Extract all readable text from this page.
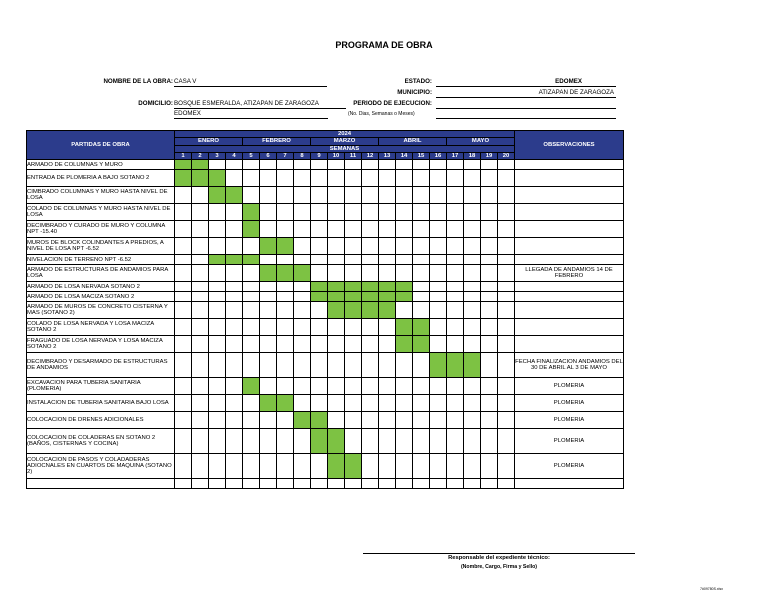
PROGRAMA DE OBRA
NOMBRE DE LA OBRA: CASA V	ESTADO:	EDOMEX
MUNICIPIO:	ATIZAPAN DE ZARAGOZA
DOMICILIO: BOSQUE ESMERALDA, ATIZAPAN DE ZARAGOZA
EDOMEX
PERIODO DE EJECUCION:
(No. Dias, Semanas o Meses)
PARTIDAS DE OBRA	2024																				OBSERVACIONES
	ENERO				FEBRERO				MARZO				ABRIL				MAYO				
	SEMANAS																				
	1	2	3	4	5	6	7	8	9	10	11	12	13	14	15	16	17	18	19	20	
ARMADO DE COLUMNAS Y MURO																					
ENTRADA DE PLOMERIA A BAJO SOTANO 2																					
CIMBRADO COLUMNAS Y MURO HASTA NIVEL DE LOSA																					
COLADO DE COLUMNAS Y MURO HASTA NIVEL DE LOSA																					
DECIMBRADO Y CURADO DE MURO Y COLUMNA NPT -15.40																					
MUROS DE BLOCK COLINDANTES A PREDIOS, A NIVEL DE LOSA NPT -6.52																					
NIVELACION DE TERRENO NPT -6.52																					
ARMADO DE ESTRUCTURAS DE ANDAMIOS PARA LOSA																					LLEGADA DE ANDAMIOS 14 DE FEBRERO
ARMADO DE LOSA NERVADA SOTANO 2																					
ARMADO DE LOSA MACIZA SOTANO 2																					
ARMADO DE MUROS DE CONCRETO CISTERNA Y MAS (SOTANO 2)																					
COLADO DE LOSA NERVADA Y LOSA MACIZA SOTANO 2																					
FRAGUADO DE LOSA NERVADA Y LOSA MACIZA SOTANO 2																					
DECIMBRADO Y DESARMADO DE ESTRUCTURAS DE ANDAMIOS																					FECHA FINALIZACION ANDAMIOS DEL 30 DE ABRIL AL 3 DE MAYO
EXCAVACION PARA TUBERIA SANITARIA (PLOMERIA)																					PLOMERIA
INSTALACION DE TUBERIA SANITARIA BAJO LOSA																					PLOMERIA
COLOCACION DE DRENES ADICIONALES																					PLOMERIA
COLOCACION DE COLADERAS EN SOTANO 2 (BAÑOS, CISTERNAS Y COCINA)																					PLOMERIA
COLOCACION DE PASOS Y COLADADERAS ADIOCNALES EN CUARTOS DE MAQUINA (SOTANO 2)																					PLOMERIA

Responsable del expediente técnico:
(Nombre, Cargo, Firma y Sello)
7#09780S.xlsx
